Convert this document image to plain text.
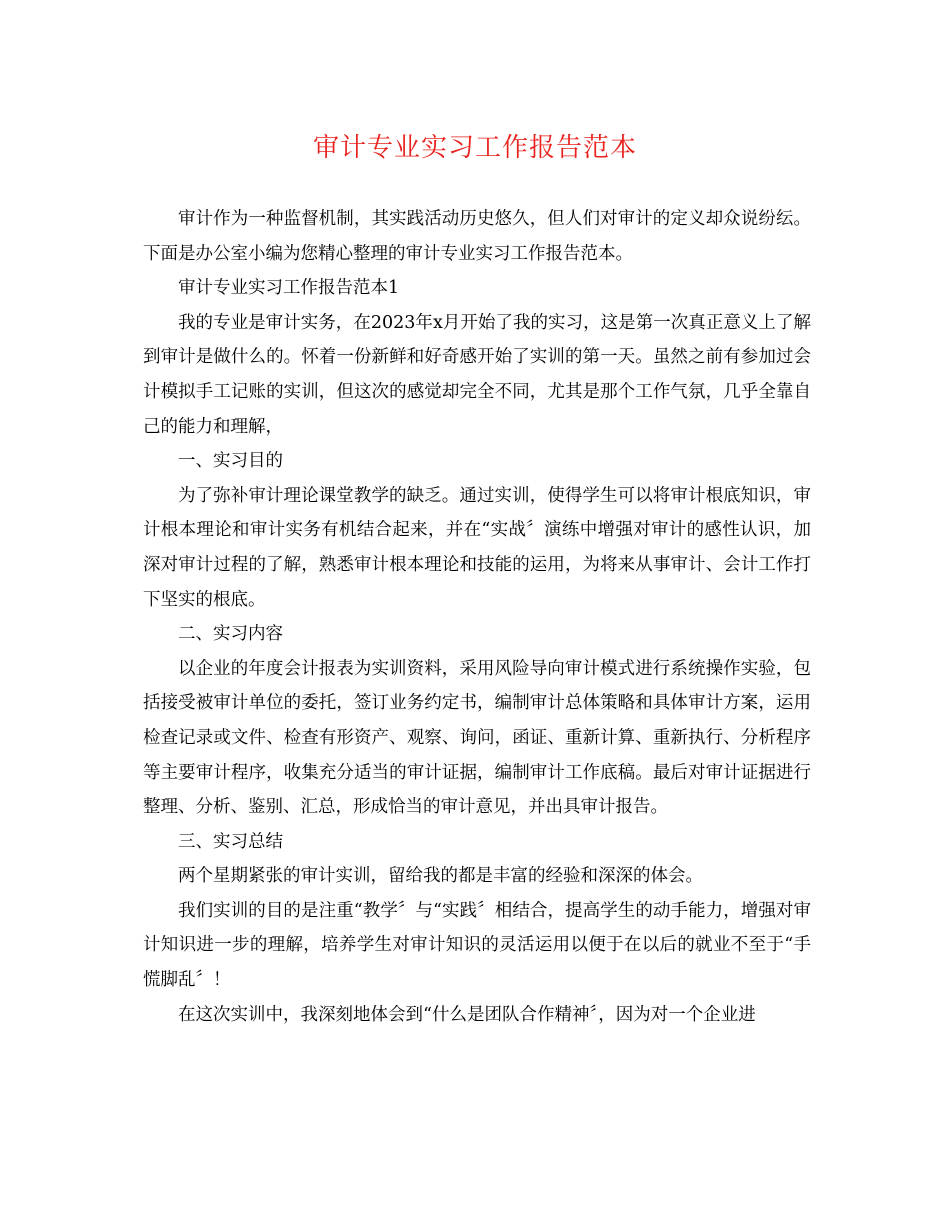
审计专业实习工作报告范本

审计作为一种监督机制，其实践活动历史悠久，但人们对审计的定义却众说纷纭。下面是办公室小编为您精心整理的审计专业实习工作报告范本。

审计专业实习工作报告范本1

我的专业是审计实务，在2023年x月开始了我的实习，这是第一次真正意义上了解到审计是做什么的。怀着一份新鲜和好奇感开始了实训的第一天。虽然之前有参加过会计模拟手工记账的实训，但这次的感觉却完全不同，尤其是那个工作气氛，几乎全靠自己的能力和理解，

一、实习目的

为了弥补审计理论课堂教学的缺乏。通过实训，使得学生可以将审计根底知识，审计根本理论和审计实务有机结合起来，并在“实战〞演练中增强对审计的感性认识，加深对审计过程的了解，熟悉审计根本理论和技能的运用，为将来从事审计、会计工作打下坚实的根底。

二、实习内容

以企业的年度会计报表为实训资料，采用风险导向审计模式进行系统操作实验，包括接受被审计单位的委托，签订业务约定书，编制审计总体策略和具体审计方案，运用检查记录或文件、检查有形资产、观察、询问，函证、重新计算、重新执行、分析程序等主要审计程序，收集充分适当的审计证据，编制审计工作底稿。最后对审计证据进行整理、分析、鉴别、汇总，形成恰当的审计意见，并出具审计报告。

三、实习总结

两个星期紧张的审计实训，留给我的都是丰富的经验和深深的体会。

我们实训的目的是注重“教学〞与“实践〞相结合，提高学生的动手能力，增强对审计知识进一步的理解，培养学生对审计知识的灵活运用以便于在以后的就业不至于“手慌脚乱〞！

在这次实训中，我深刻地体会到“什么是团队合作精神〞，因为对一个企业进
